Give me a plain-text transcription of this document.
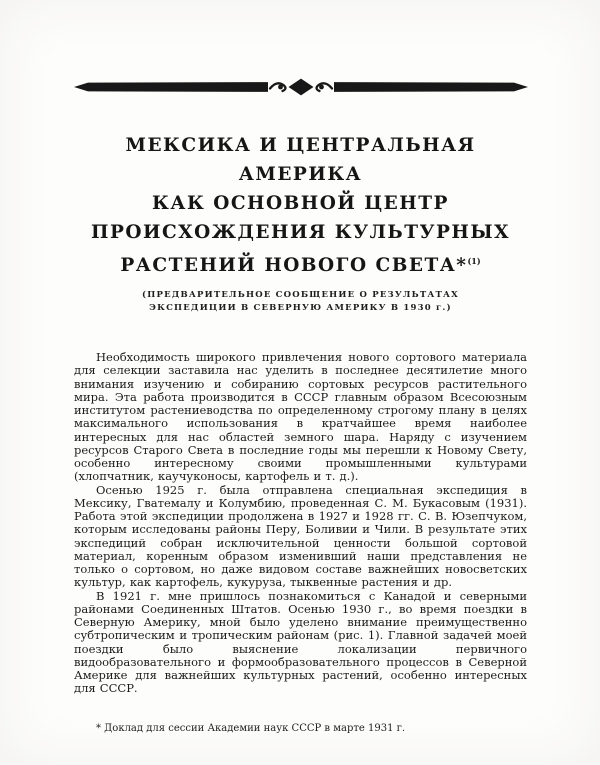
МЕКСИКА И ЦЕНТРАЛЬНАЯ АМЕРИКА
КАК ОСНОВНОЙ ЦЕНТР
ПРОИСХОЖДЕНИЯ КУЛЬТУРНЫХ
РАСТЕНИЙ НОВОГО СВЕТА*$^{(1)}$
(ПРЕДВАРИТЕЛЬНОЕ СООБЩЕНИЕ О РЕЗУЛЬТАТАХ
ЭКСПЕДИЦИИ В СЕВЕРНУЮ АМЕРИКУ В 1930 г.)

Необходимость широкого привлечения нового сортового материала для селекции заставила нас уделить в последнее десятилетие много внимания изучению и собиранию сортовых ресурсов растительного мира. Эта работа производится в СССР главным образом Всесоюзным институтом растениеводства по определенному строгому плану в целях максимального использования в кратчайшее время наиболее интересных для нас областей земного шара. Наряду с изучением ресурсов Старого Света в последние годы мы перешли к Новому Свету, особенно интересному своими промышленными культурами (хлопчатник, каучуконосы, картофель и т. д.).

Осенью 1925 г. была отправлена специальная экспедиция в Мексику, Гватемалу и Колумбию, проведенная С. М. Букасовым (1931). Работа этой экспедиции продолжена в 1927 и 1928 гг. С. В. Юзепчуком, которым исследованы районы Перу, Боливии и Чили. В результате этих экспедиций собран исключительной ценности большой сортовой материал, коренным образом изменивший наши представления не только о сортовом, но даже видовом составе важнейших новосветских культур, как картофель, кукуруза, тыквенные растения и др.

В 1921 г. мне пришлось познакомиться с Канадой и северными районами Соединенных Штатов. Осенью 1930 г., во время поездки в Северную Америку, мной было уделено внимание преимущественно субтропическим и тропическим районам (рис. 1). Главной задачей моей поездки было выяснение локализации первичного видообразовательного и формообразовательного процессов в Северной Америке для важнейших культурных растений, особенно интересных для СССР.

* Доклад для сессии Академии наук СССР в марте 1931 г.
